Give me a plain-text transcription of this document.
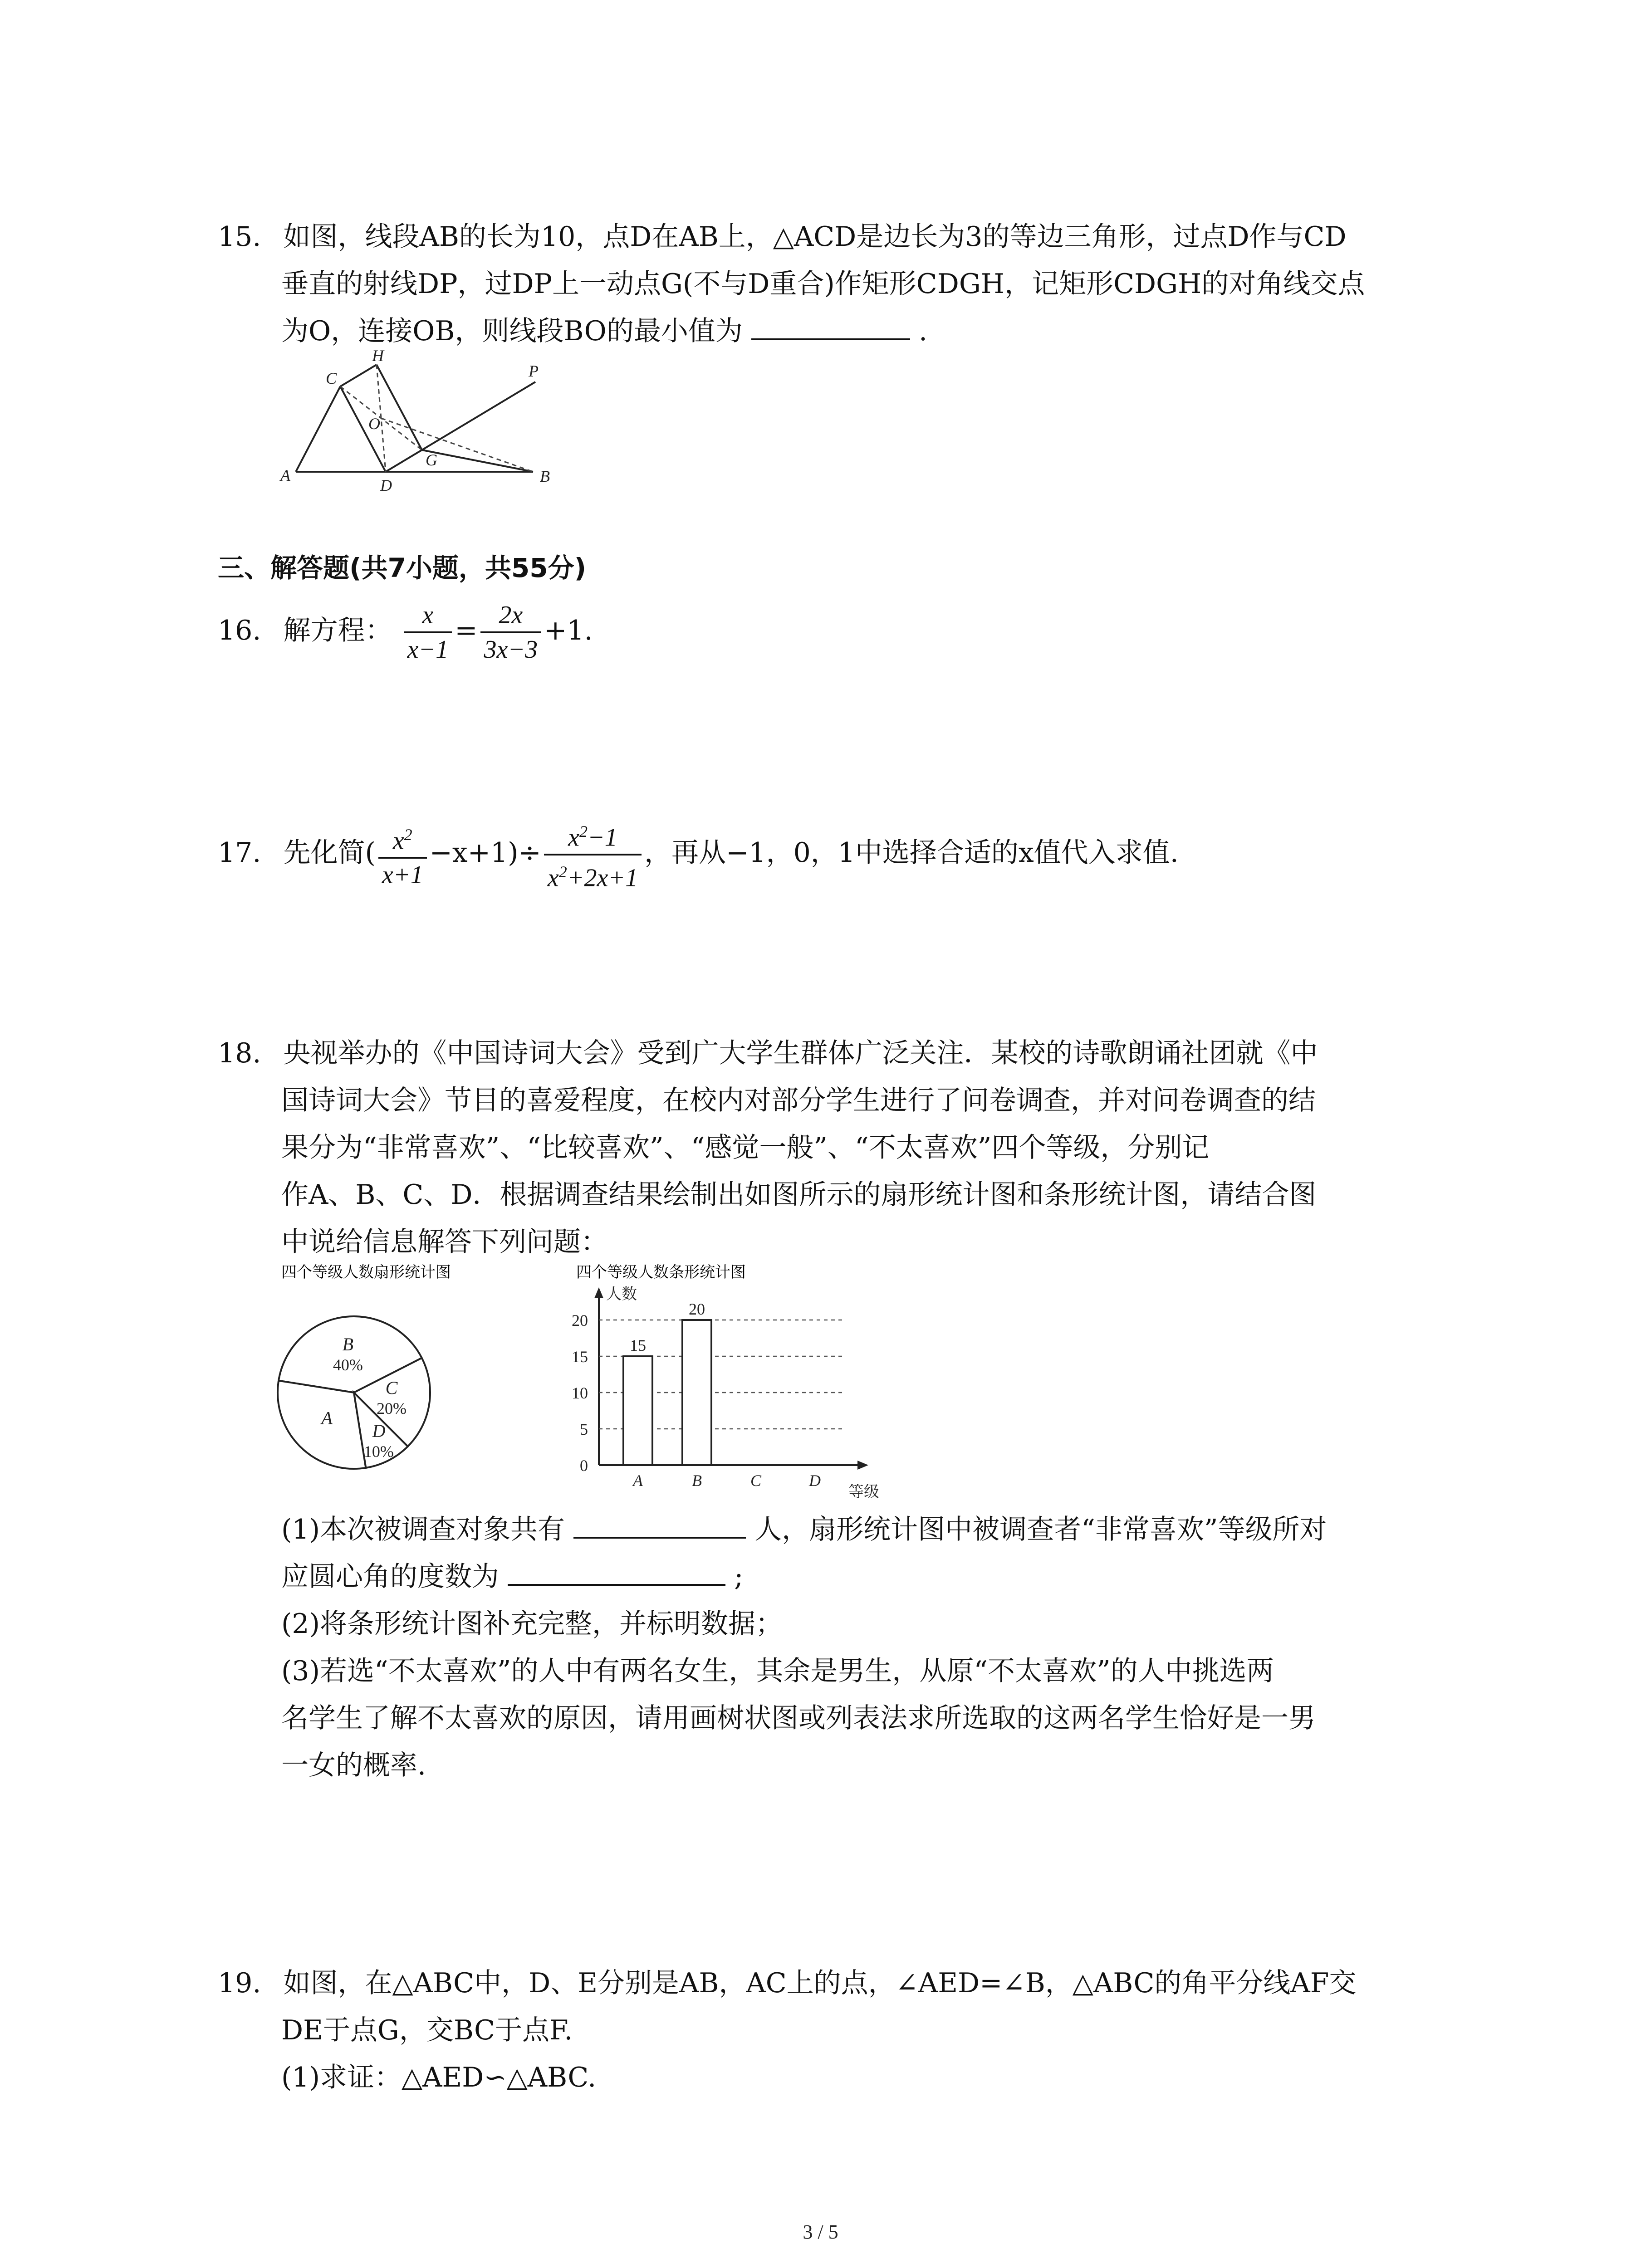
15. 如图，线段AB的长为10，点D在AB上，△ACD是边长为3的等边三角形，过点D作与CD
垂直的射线DP，过DP上一动点G(不与D重合)作矩形CDGH，记矩形CDGH的对角线交点
为O，连接OB，则线段BO的最小值为	.
A	B
C
D
G
H
O
P
三、解答题(共7小题，共55分)
16. 解方程： $\frac{x}{x-1} = \frac{2x}{3x-3} +1$.
17. 先化简( $\frac{x^2}{x+1} -x+1)\div \frac{x^2-1}{x^2+2x+1}$ ，再从−1，0，1中选择合适的x值代入求值.
18. 央视举办的《中国诗词大会》受到广大学生群体广泛关注．某校的诗歌朗诵社团就《中
国诗词大会》节目的喜爱程度，在校内对部分学生进行了问卷调查，并对问卷调查的结
果分为“非常喜欢”、“比较喜欢”、“感觉一般”、“不太喜欢”四个等级，分别记
作A、B、C、D．根据调查结果绘制出如图所示的扇形统计图和条形统计图，请结合图
中说给信息解答下列问题：
四个等级人数扇形统计图
B
40%
C
20%
D
10%
A
四个等级人数条形统计图
人数
等级
0
5
10
15
20
15
A
20
B	C	D
(1)本次被调查对象共有	人，扇形统计图中被调查者“非常喜欢”等级所对
应圆心角的度数为	;
(2)将条形统计图补充完整，并标明数据；
(3)若选“不太喜欢”的人中有两名女生，其余是男生，从原“不太喜欢”的人中挑选两
名学生了解不太喜欢的原因，请用画树状图或列表法求所选取的这两名学生恰好是一男
一女的概率.
19. 如图，在△ABC中，D、E分别是AB，AC上的点，∠AED=∠B，△ABC的角平分线AF交
DE于点G，交BC于点F.
(1)求证：△AED∽△ABC.
3 / 5
